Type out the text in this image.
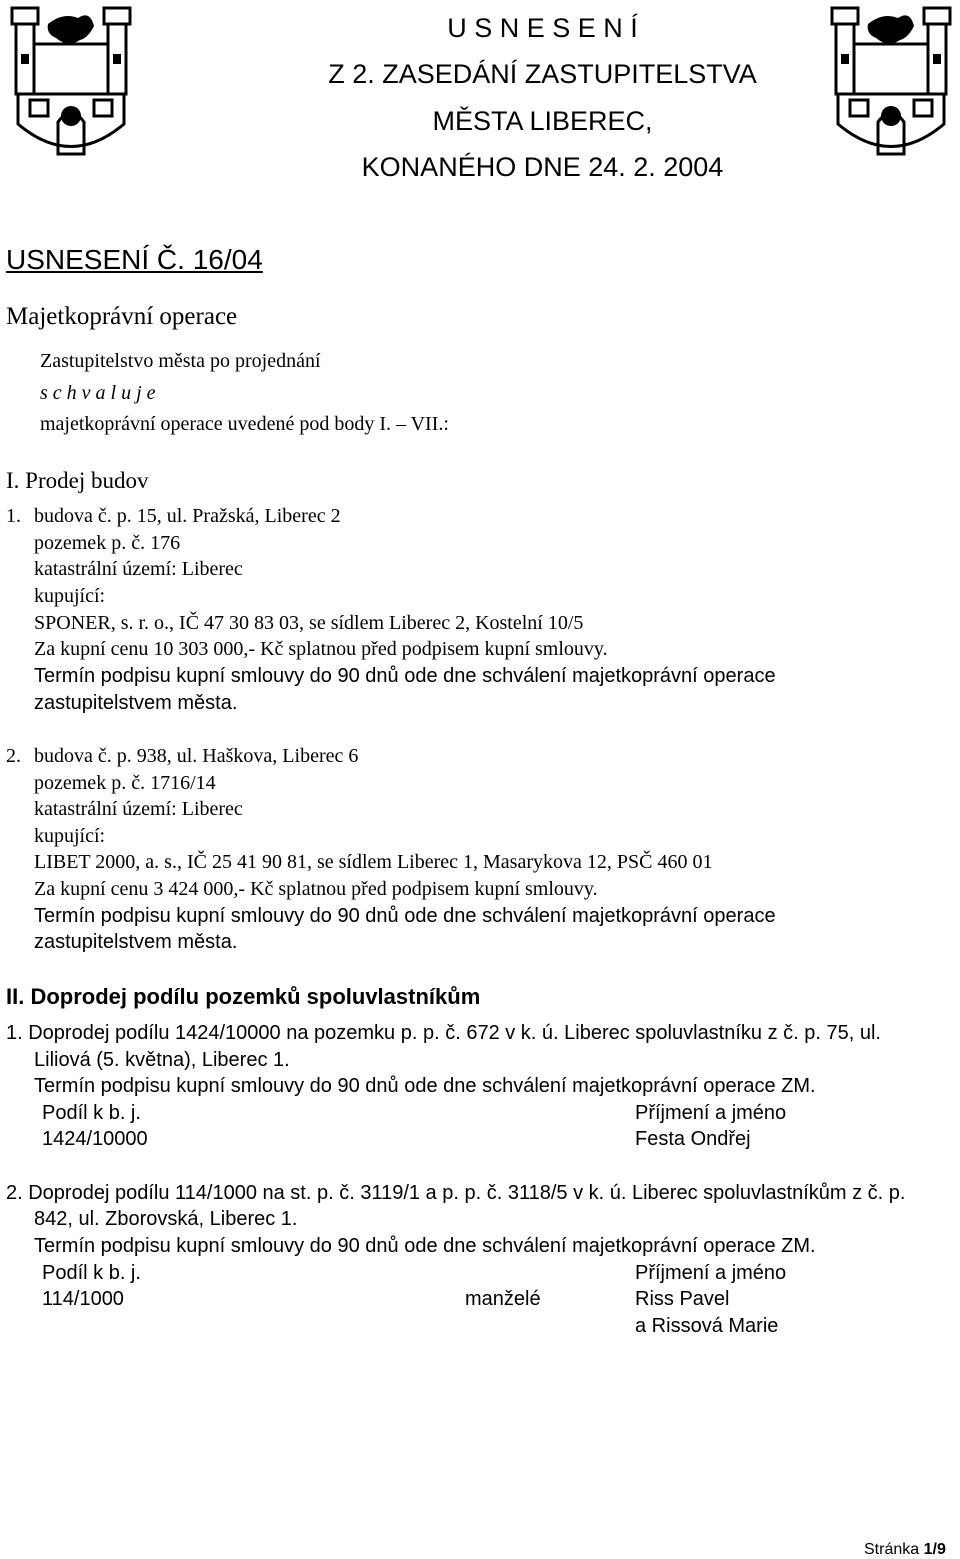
U S N E S E N Í
Z 2. ZASEDÁNÍ ZASTUPITELSTVA
MĚSTA LIBEREC,
KONANÉHO DNE 24. 2. 2004
USNESENÍ Č. 16/04
Majetkoprávní operace
Zastupitelstvo města po projednání
s c h v a l u j e
majetkoprávní operace uvedené pod body I. – VII.:
I. Prodej budov
1. budova č. p. 15, ul. Pražská, Liberec 2
pozemek p. č. 176
katastrální území: Liberec
kupující:
SPONER, s. r. o., IČ 47 30 83 03, se sídlem Liberec 2, Kostelní 10/5
Za kupní cenu 10 303 000,- Kč splatnou před podpisem kupní smlouvy.
Termín podpisu kupní smlouvy do 90 dnů ode dne schválení majetkoprávní operace
zastupitelstvem města.
2. budova č. p. 938, ul. Haškova, Liberec 6
pozemek p. č. 1716/14
katastrální území: Liberec
kupující:
LIBET 2000, a. s., IČ 25 41 90 81, se sídlem Liberec 1, Masarykova 12, PSČ 460 01
Za kupní cenu 3 424 000,- Kč splatnou před podpisem kupní smlouvy.
Termín podpisu kupní smlouvy do 90 dnů ode dne schválení majetkoprávní operace
zastupitelstvem města.
II. Doprodej podílu pozemků spoluvlastníkům
1. Doprodej podílu 1424/10000 na pozemku p. p. č. 672 v k. ú. Liberec spoluvlastníku z č. p. 75, ul.
Liliová (5. května), Liberec 1.
Termín podpisu kupní smlouvy do 90 dnů ode dne schválení majetkoprávní operace ZM.
Podíl k b. j.	Příjmení a jméno
1424/10000	Festa Ondřej
2. Doprodej podílu 114/1000 na st. p. č. 3119/1 a p. p. č. 3118/5 v k. ú. Liberec spoluvlastníkům z č. p.
842, ul. Zborovská, Liberec 1.
Termín podpisu kupní smlouvy do 90 dnů ode dne schválení majetkoprávní operace ZM.
Podíl k b. j.	Příjmení a jméno
114/1000	manželé	Riss Pavel
a Rissová Marie
Stránka 1/9
